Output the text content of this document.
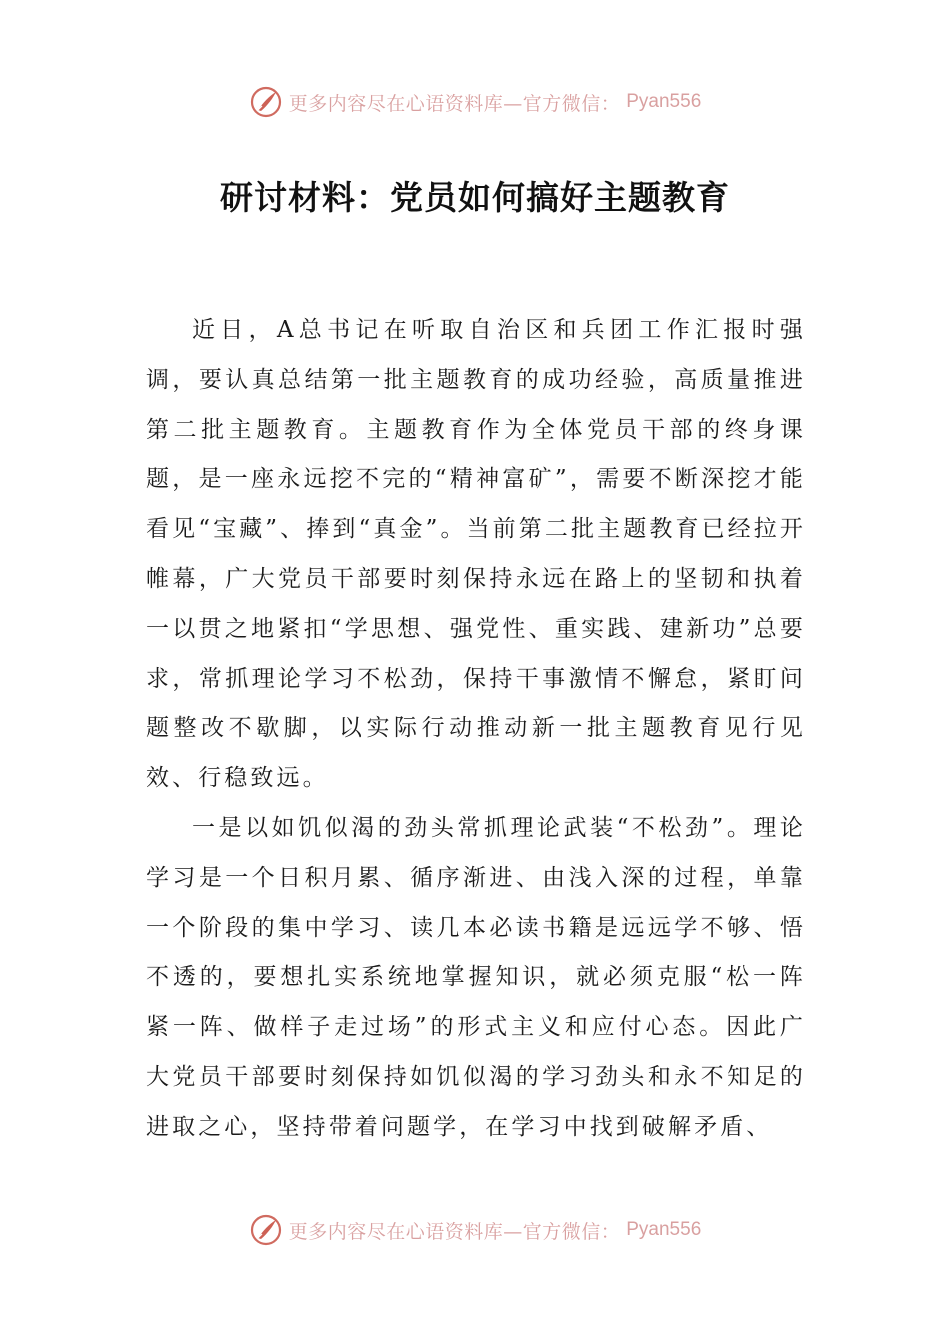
更多内容尽在心语资料库—官方微信： Pyan556
研讨材料：党员如何搞好主题教育

近日，A总书记在听取自治区和兵团工作汇报时强调，要认真总结第一批主题教育的成功经验，高质量推进第二批主题教育。主题教育作为全体党员干部的终身课题，是一座永远挖不完的“精神富矿”，需要不断深挖才能看见“宝藏”、捧到“真金”。当前第二批主题教育已经拉开帷幕，广大党员干部要时刻保持永远在路上的坚韧和执着一以贯之地紧扣“学思想、强党性、重实践、建新功”总要求，常抓理论学习不松劲，保持干事激情不懈怠，紧盯问题整改不歇脚，以实际行动推动新一批主题教育见行见效、行稳致远。

一是以如饥似渴的劲头常抓理论武装“不松劲”。理论学习是一个日积月累、循序渐进、由浅入深的过程，单靠一个阶段的集中学习、读几本必读书籍是远远学不够、悟不透的，要想扎实系统地掌握知识，就必须克服“松一阵紧一阵、做样子走过场”的形式主义和应付心态。因此广大党员干部要时刻保持如饥似渴的学习劲头和永不知足的进取之心，坚持带着问题学，在学习中找到破解矛盾、

更多内容尽在心语资料库—官方微信： Pyan556
